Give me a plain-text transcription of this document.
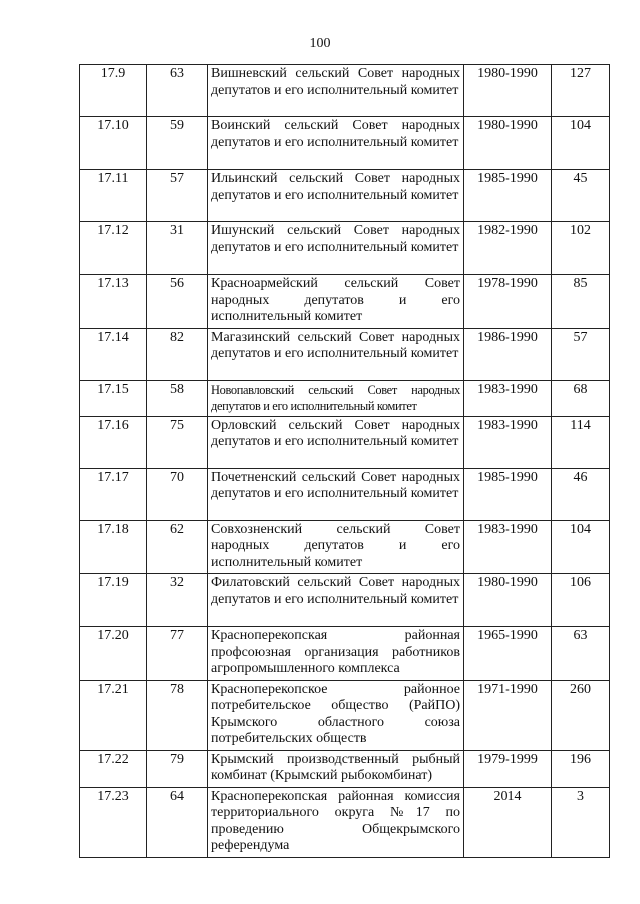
100
17.9	63	Вишневский сельский Совет народных депутатов и его исполнительный комитет	1980-1990	127
17.10	59	Воинский сельский Совет народных депутатов и его исполнительный комитет	1980-1990	104
17.11	57	Ильинский сельский Совет народных депутатов и его исполнительный комитет	1985-1990	45
17.12	31	Ишунский сельский Совет народных депутатов и его исполнительный комитет	1982-1990	102
17.13	56	Красноармейский сельский Совет народных депутатов и его исполнительный комитет	1978-1990	85
17.14	82	Магазинский сельский Совет народных депутатов и его исполнительный комитет	1986-1990	57
17.15	58	Новопавловский сельский Совет народных депутатов и его исполнительный комитет	1983-1990	68
17.16	75	Орловский сельский Совет народных депутатов и его исполнительный комитет	1983-1990	114
17.17	70	Почетненский сельский Совет народных депутатов и его исполнительный комитет	1985-1990	46
17.18	62	Совхозненский сельский Совет народных депутатов и его исполнительный комитет	1983-1990	104
17.19	32	Филатовский сельский Совет народных депутатов и его исполнительный комитет	1980-1990	106
17.20	77	Красноперекопская районная профсоюзная организация работников агропромышленного комплекса	1965-1990	63
17.21	78	Красноперекопское районное потребительское общество (РайПО) Крымского областного союза потребительских обществ	1971-1990	260
17.22	79	Крымский производственный рыбный комбинат (Крымский рыбокомбинат)	1979-1999	196
17.23	64	Красноперекопская районная комиссия территориального округа №17 по проведению Общекрымского референдума	2014	3
